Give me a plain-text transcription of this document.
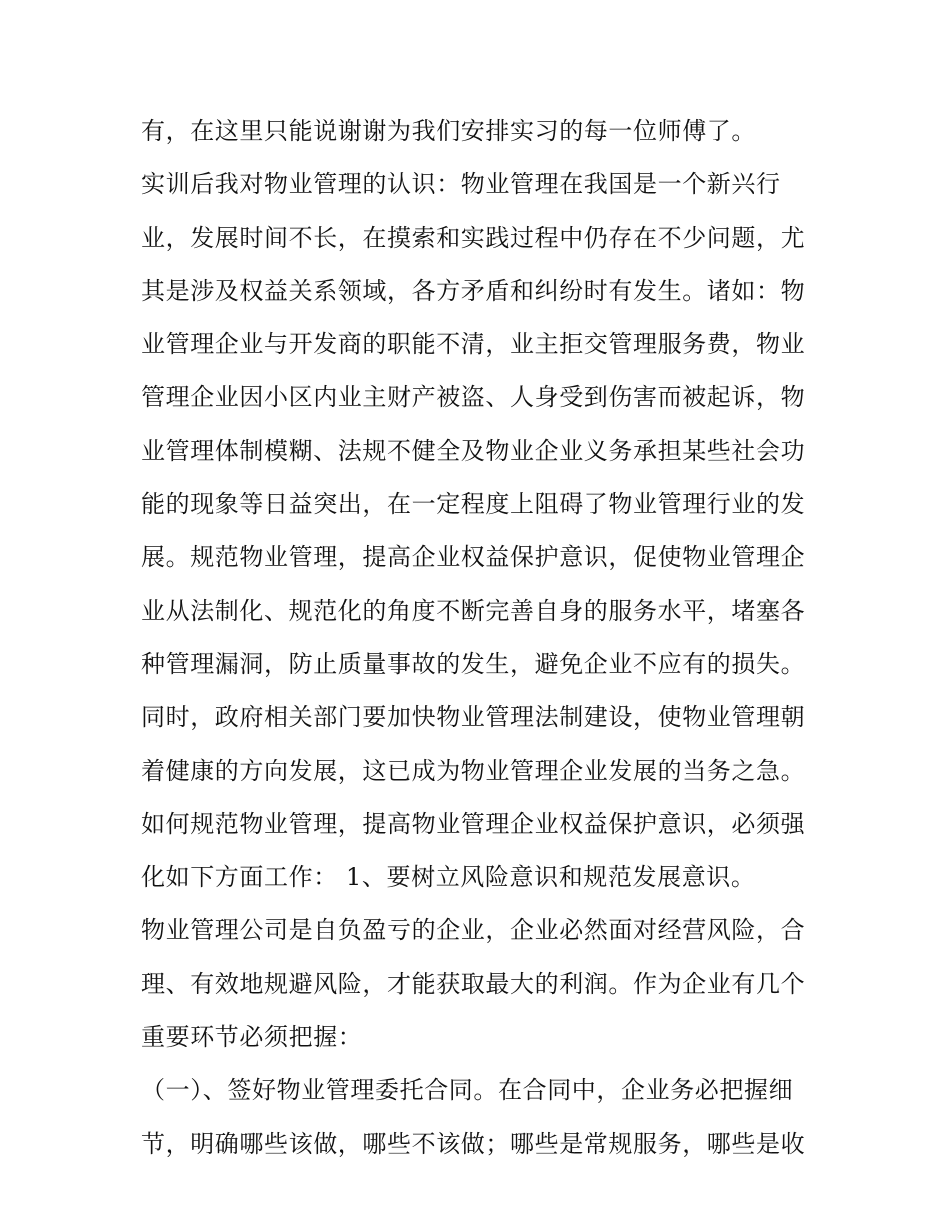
有，在这里只能说谢谢为我们安排实习的每一位师傅了。
实训后我对物业管理的认识：物业管理在我国是一个新兴行
业，发展时间不长，在摸索和实践过程中仍存在不少问题，尤
其是涉及权益关系领域，各方矛盾和纠纷时有发生。诸如：物
业管理企业与开发商的职能不清，业主拒交管理服务费，物业
管理企业因小区内业主财产被盗、人身受到伤害而被起诉，物
业管理体制模糊、法规不健全及物业企业义务承担某些社会功
能的现象等日益突出，在一定程度上阻碍了物业管理行业的发
展。规范物业管理，提高企业权益保护意识，促使物业管理企
业从法制化、规范化的角度不断完善自身的服务水平，堵塞各
种管理漏洞，防止质量事故的发生，避免企业不应有的损失。
同时，政府相关部门要加快物业管理法制建设，使物业管理朝
着健康的方向发展，这已成为物业管理企业发展的当务之急。
如何规范物业管理，提高物业管理企业权益保护意识，必须强
化如下方面工作： 1、要树立风险意识和规范发展意识。
物业管理公司是自负盈亏的企业，企业必然面对经营风险，合
理、有效地规避风险，才能获取最大的利润。作为企业有几个
重要环节必须把握：
（一）、签好物业管理委托合同。在合同中，企业务必把握细
节，明确哪些该做，哪些不该做；哪些是常规服务，哪些是收
